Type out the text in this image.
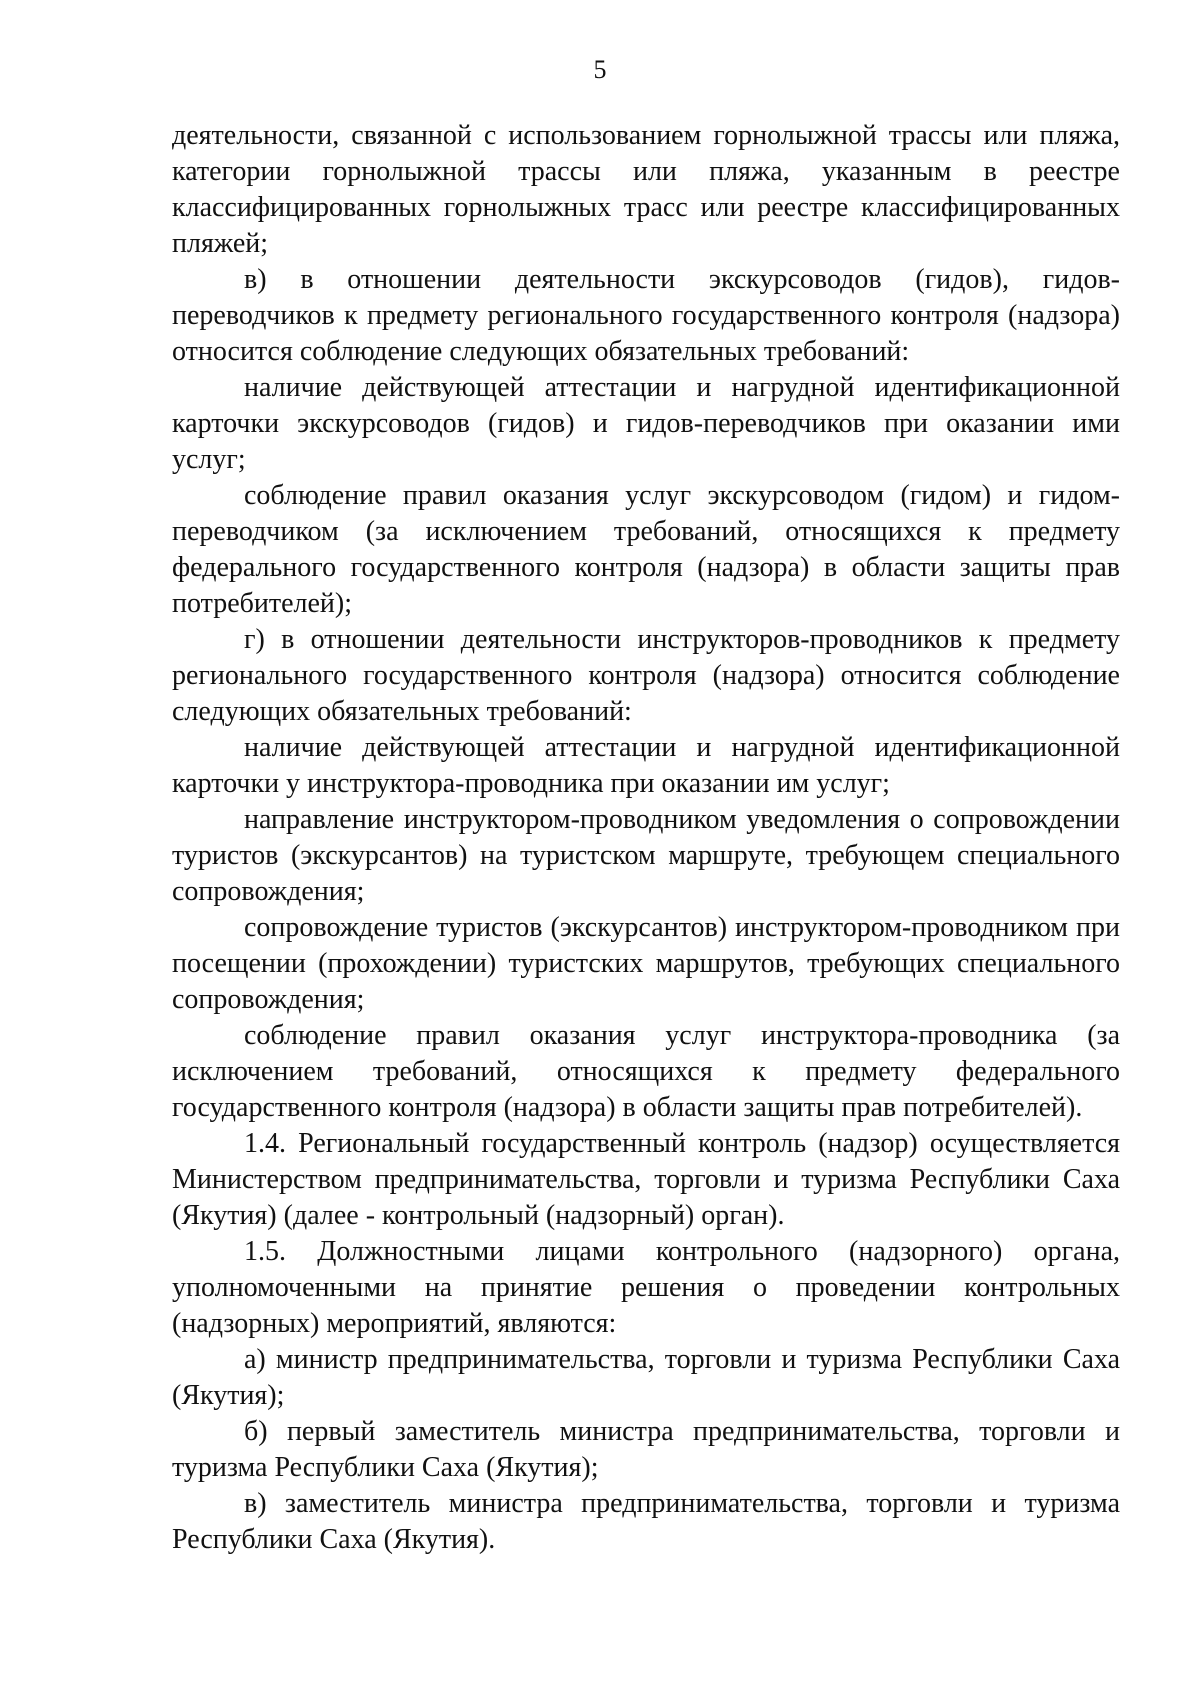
5

деятельности, связанной с использованием горнолыжной трассы или пляжа, категории горнолыжной трассы или пляжа, указанным в реестре классифицированных горнолыжных трасс или реестре классифицированных пляжей;

в) в отношении деятельности экскурсоводов (гидов), гидов-переводчиков к предмету регионального государственного контроля (надзора) относится соблюдение следующих обязательных требований:

наличие действующей аттестации и нагрудной идентификационной карточки экскурсоводов (гидов) и гидов-переводчиков при оказании ими услуг;

соблюдение правил оказания услуг экскурсоводом (гидом) и гидом-переводчиком (за исключением требований, относящихся к предмету федерального государственного контроля (надзора) в области защиты прав потребителей);

г) в отношении деятельности инструкторов-проводников к предмету регионального государственного контроля (надзора) относится соблюдение следующих обязательных требований:

наличие действующей аттестации и нагрудной идентификационной карточки у инструктора-проводника при оказании им услуг;

направление инструктором-проводником уведомления о сопровождении туристов (экскурсантов) на туристском маршруте, требующем специального сопровождения;

сопровождение туристов (экскурсантов) инструктором-проводником при посещении (прохождении) туристских маршрутов, требующих специального сопровождения;

соблюдение правил оказания услуг инструктора-проводника (за исключением требований, относящихся к предмету федерального государственного контроля (надзора) в области защиты прав потребителей).

1.4. Региональный государственный контроль (надзор) осуществляется Министерством предпринимательства, торговли и туризма Республики Саха (Якутия) (далее - контрольный (надзорный) орган).

1.5. Должностными лицами контрольного (надзорного) органа, уполномоченными на принятие решения о проведении контрольных (надзорных) мероприятий, являются:

а) министр предпринимательства, торговли и туризма Республики Саха (Якутия);

б) первый заместитель министра предпринимательства, торговли и туризма Республики Саха (Якутия);

в) заместитель министра предпринимательства, торговли и туризма Республики Саха (Якутия).
